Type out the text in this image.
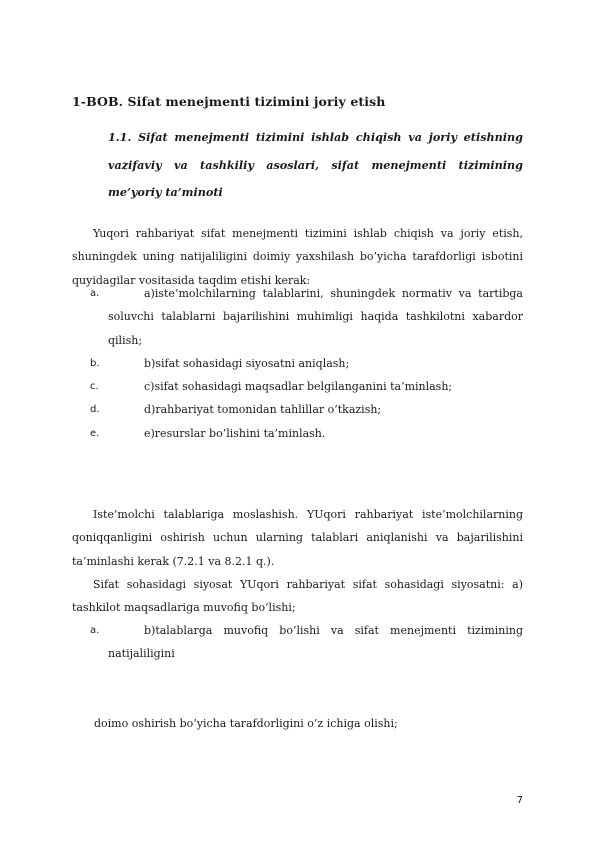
1-BOB. Sifat menejmenti tizimini joriy etish
1.1. Sifat menejmenti tizimini ishlab chiqish va joriy etishning vazifaviy va tashkiliy asoslari, sifat menejmenti tizimining me’yoriy ta’minoti
Yuqori rahbariyat sifat menejmenti tizimini ishlab chiqish va joriy etish, shuningdek uning natijaliligini doimiy yaxshilash bo’yicha tarafdorligi isbotini quyidagilar vositasida taqdim etishi kerak:
a.	a)iste’molchilarning talablarini, shuningdek normativ va tartibga soluvchi talablarni bajarilishini muhimligi haqida tashkilotni xabardor qilish;
b.	b)sifat sohasidagi siyosatni aniqlash;
c.	c)sifat sohasidagi maqsadlar belgilanganini ta’minlash;
d.	d)rahbariyat tomonidan tahlillar o’tkazish;
e.	e)resurslar bo’lishini ta’minlash.
Iste’molchi talablariga moslashish. YUqori rahbariyat iste’molchilarning qoniqqanligini oshirish uchun ularning talablari aniqlanishi va bajarilishini ta’minlashi kerak (7.2.1 va 8.2.1 q.).
Sifat sohasidagi siyosat YUqori rahbariyat sifat sohasidagi siyosatni: a) tashkilot maqsadlariga muvofiq bo’lishi;
a.	b)talablarga muvofiq bo’lishi va sifat menejmenti tizimining natijaliligini
doimo oshirish bo’yicha tarafdorligini o’z ichiga olishi;
7
